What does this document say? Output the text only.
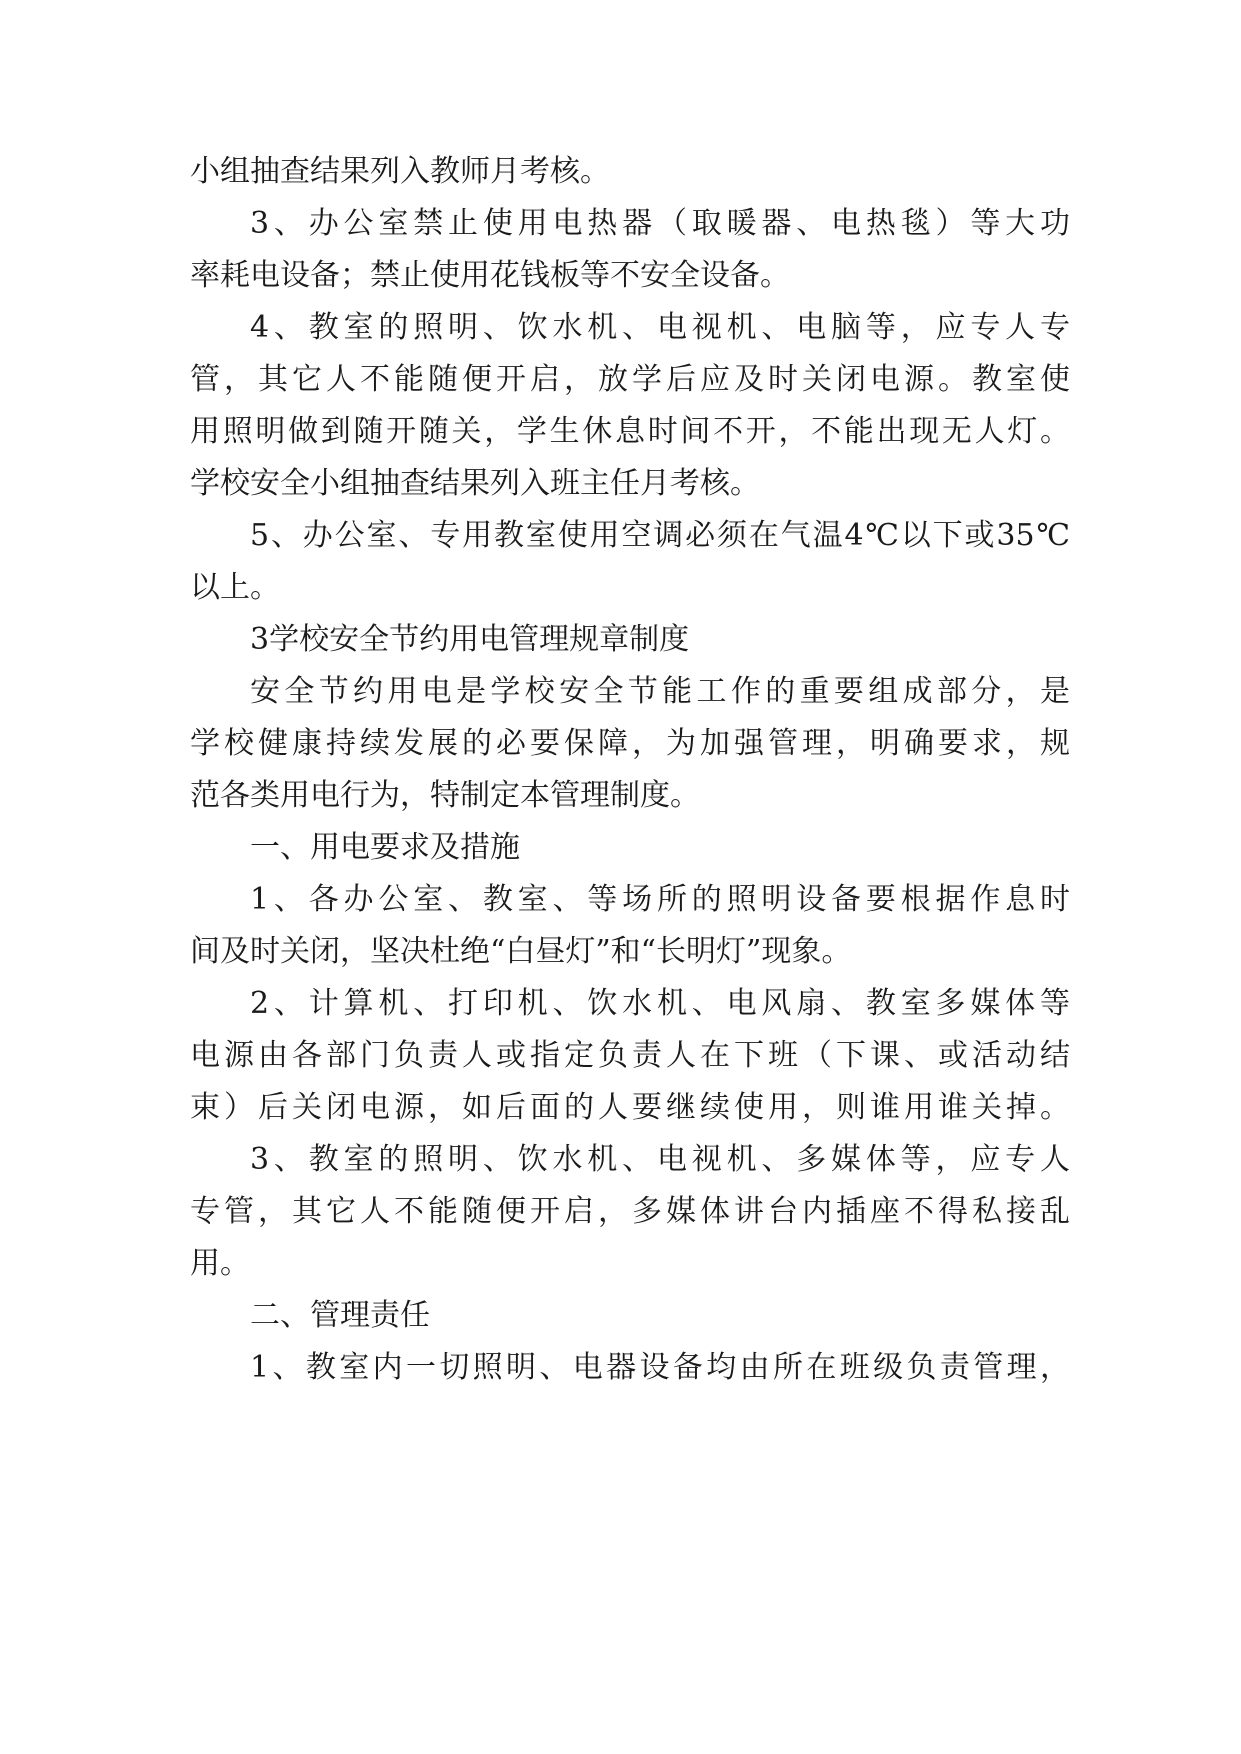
小组抽查结果列入教师月考核。
3、办公室禁止使用电热器（取暖器、电热毯）等大功
率耗电设备；禁止使用花钱板等不安全设备。
4、教室的照明、饮水机、电视机、电脑等，应专人专
管，其它人不能随便开启，放学后应及时关闭电源。教室使
用照明做到随开随关，学生休息时间不开，不能出现无人灯。
学校安全小组抽查结果列入班主任月考核。
5、办公室、专用教室使用空调必须在气温4℃以下或35℃
以上。
3学校安全节约用电管理规章制度
安全节约用电是学校安全节能工作的重要组成部分，是
学校健康持续发展的必要保障，为加强管理，明确要求，规
范各类用电行为，特制定本管理制度。
一、用电要求及措施
1、各办公室、教室、等场所的照明设备要根据作息时
间及时关闭，坚决杜绝“白昼灯”和“长明灯”现象。
2、计算机、打印机、饮水机、电风扇、教室多媒体等
电源由各部门负责人或指定负责人在下班（下课、或活动结
束）后关闭电源，如后面的人要继续使用，则谁用谁关掉。
3、教室的照明、饮水机、电视机、多媒体等，应专人
专管，其它人不能随便开启，多媒体讲台内插座不得私接乱
用。
二、管理责任
1、教室内一切照明、电器设备均由所在班级负责管理，
